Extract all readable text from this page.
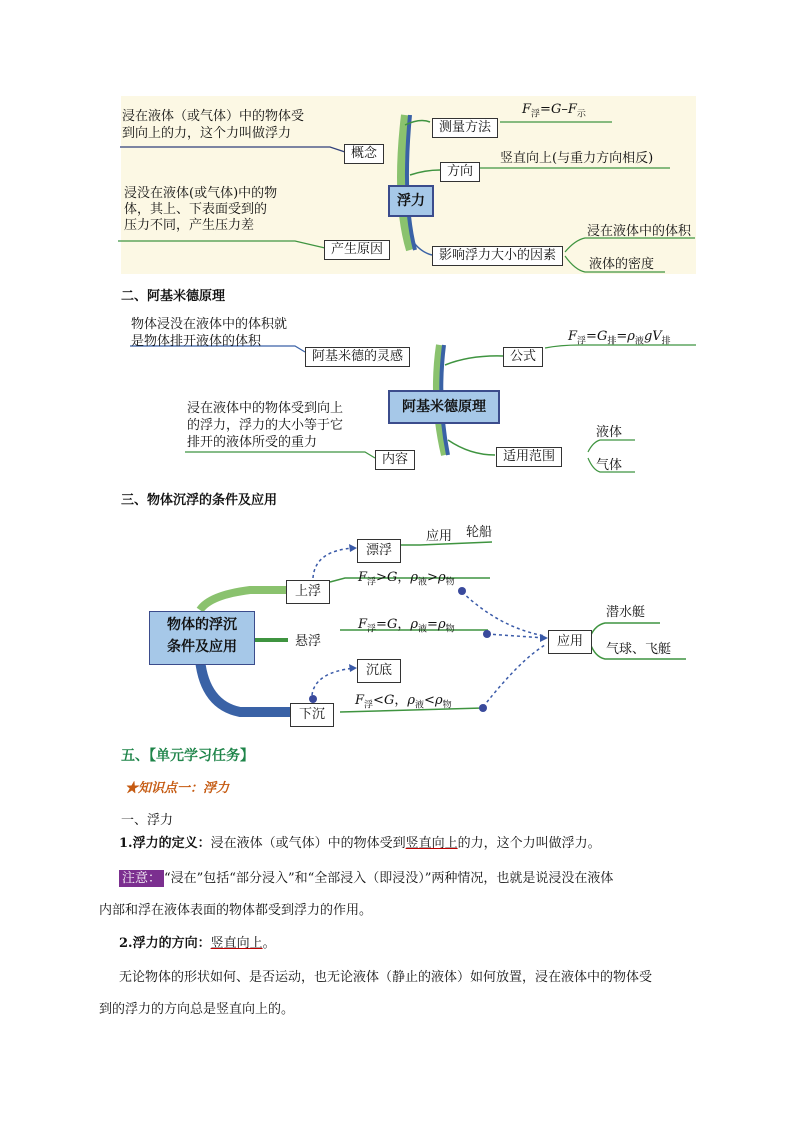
浸在液体（或气体）中的物体受
到向上的力，这个力叫做浮力
概念
浸没在液体(或气体)中的物
体，其上、下表面受到的
压力不同，产生压力差
产生原因
浮力
测量方法
$F_浮=G-F_示$
方向
竖直向上(与重力方向相反)
影响浮力大小的因素
浸在液体中的体积
液体的密度
二、阿基米德原理
物体浸没在液体中的体积就
是物体排开液体的体积
阿基米德的灵感
阿基米德原理
公式
$F_浮=G_排=\rho_液gV_排$
浸在液体中的物体受到向上
的浮力，浮力的大小等于它
排开的液体所受的重力
内容	适用范围
液体
气体
三、物体沉浮的条件及应用
物体的浮沉
条件及应用
上浮
漂浮
应用 轮船
$F_浮>G$，$\rho_液>\rho_物$
悬浮
$F_浮=G$，$\rho_液=\rho_物$
沉底
下沉
$F_浮<G$，$\rho_液<\rho_物$
应用
潜水艇
气球、飞艇
五、【单元学习任务】
★知识点一：浮力
一、浮力
1.浮力的定义：浸在液体（或气体）中的物体受到竖直向上的力，这个力叫做浮力。
注意： “浸在”包括“部分浸入”和“全部浸入（即浸没）”两种情况，也就是说浸没在液体
内部和浮在液体表面的物体都受到浮力的作用。
2.浮力的方向：竖直向上。
无论物体的形状如何、是否运动，也无论液体（静止的液体）如何放置，浸在液体中的物体受
到的浮力的方向总是竖直向上的。
